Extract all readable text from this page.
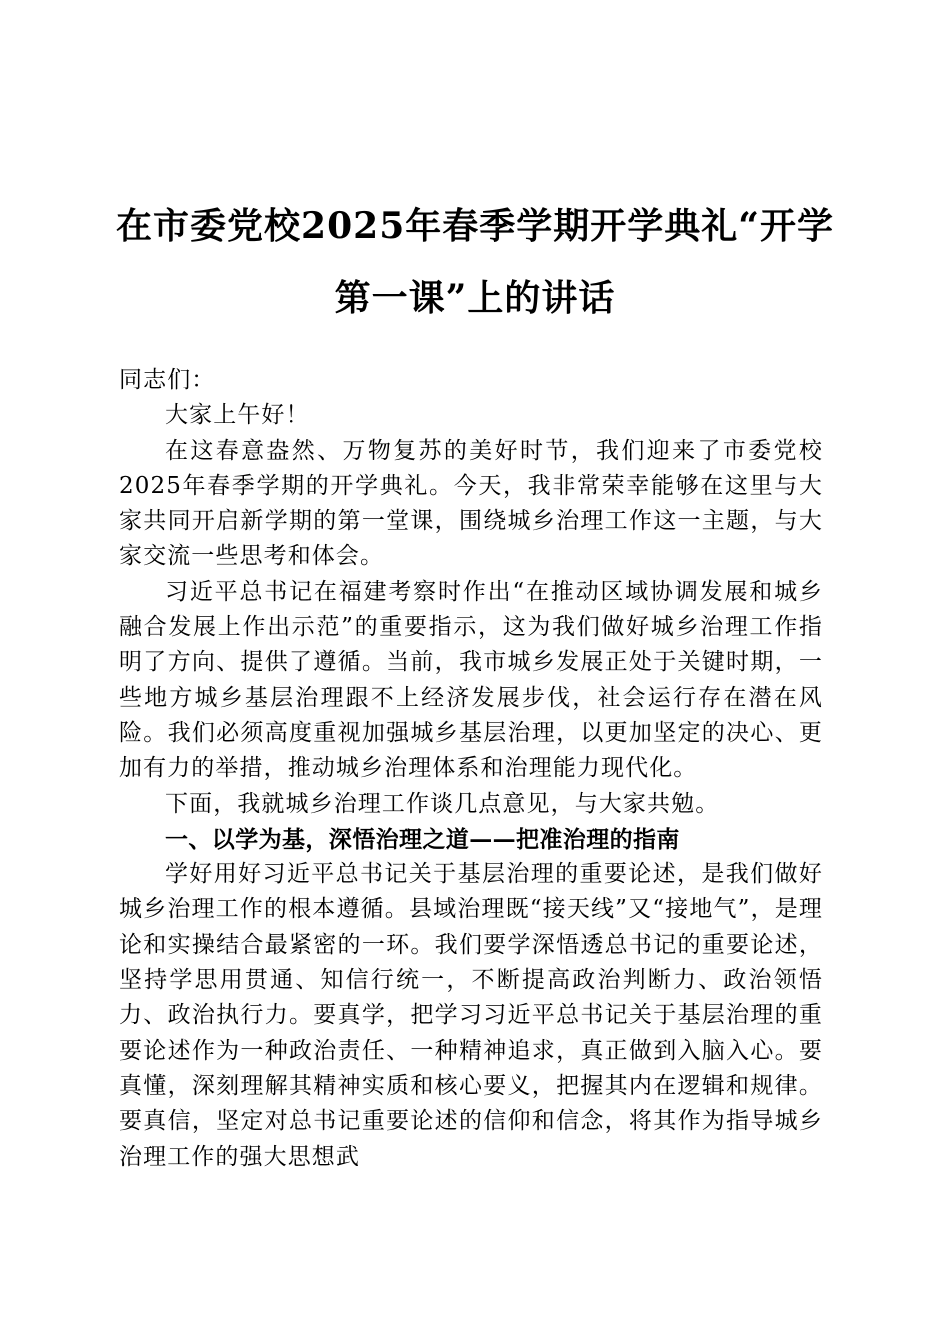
在市委党校2025年春季学期开学典礼“开学
第一课”上的讲话

同志们：

大家上午好！

在这春意盎然、万物复苏的美好时节，我们迎来了市委党校2025年春季学期的开学典礼。今天，我非常荣幸能够在这里与大家共同开启新学期的第一堂课，围绕城乡治理工作这一主题，与大家交流一些思考和体会。

习近平总书记在福建考察时作出“在推动区域协调发展和城乡融合发展上作出示范”的重要指示，这为我们做好城乡治理工作指明了方向、提供了遵循。当前，我市城乡发展正处于关键时期，一些地方城乡基层治理跟不上经济发展步伐，社会运行存在潜在风险。我们必须高度重视加强城乡基层治理，以更加坚定的决心、更加有力的举措，推动城乡治理体系和治理能力现代化。

下面，我就城乡治理工作谈几点意见，与大家共勉。

一、以学为基，深悟治理之道——把准治理的指南

学好用好习近平总书记关于基层治理的重要论述，是我们做好城乡治理工作的根本遵循。县域治理既“接天线”又“接地气”，是理论和实操结合最紧密的一环。我们要学深悟透总书记的重要论述，坚持学思用贯通、知信行统一，不断提高政治判断力、政治领悟力、政治执行力。要真学，把学习习近平总书记关于基层治理的重要论述作为一种政治责任、一种精神追求，真正做到入脑入心。要真懂，深刻理解其精神实质和核心要义，把握其内在逻辑和规律。要真信，坚定对总书记重要论述的信仰和信念，将其作为指导城乡治理工作的强大思想武
